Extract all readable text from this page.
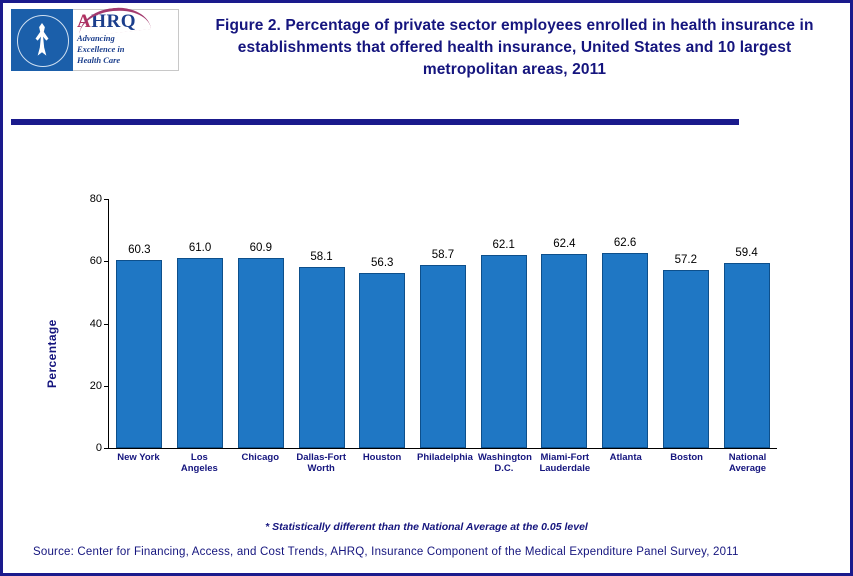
AHRQ
Advancing
Excellence in
Health Care
Figure 2. Percentage of private sector employees enrolled in health insurance in establishments that offered health insurance, United States and 10 largest metropolitan areas, 2011
Percentage
60.3	61.0	60.9
58.1	56.3
58.7
62.1	62.4	62.6
57.2
59.4
0
20
40
60
80
New York	Los Angeles
Chicago	Dallas-Fort
Worth
Houston	Philadelphia Washington
D.C.
Miami-Fort
Lauderdale
Atlanta	Boston	National
Average
* Statistically different than the National Average at the 0.05 level
Source: Center for Financing, Access, and Cost Trends, AHRQ, Insurance Component of the Medical Expenditure Panel Survey, 2011
